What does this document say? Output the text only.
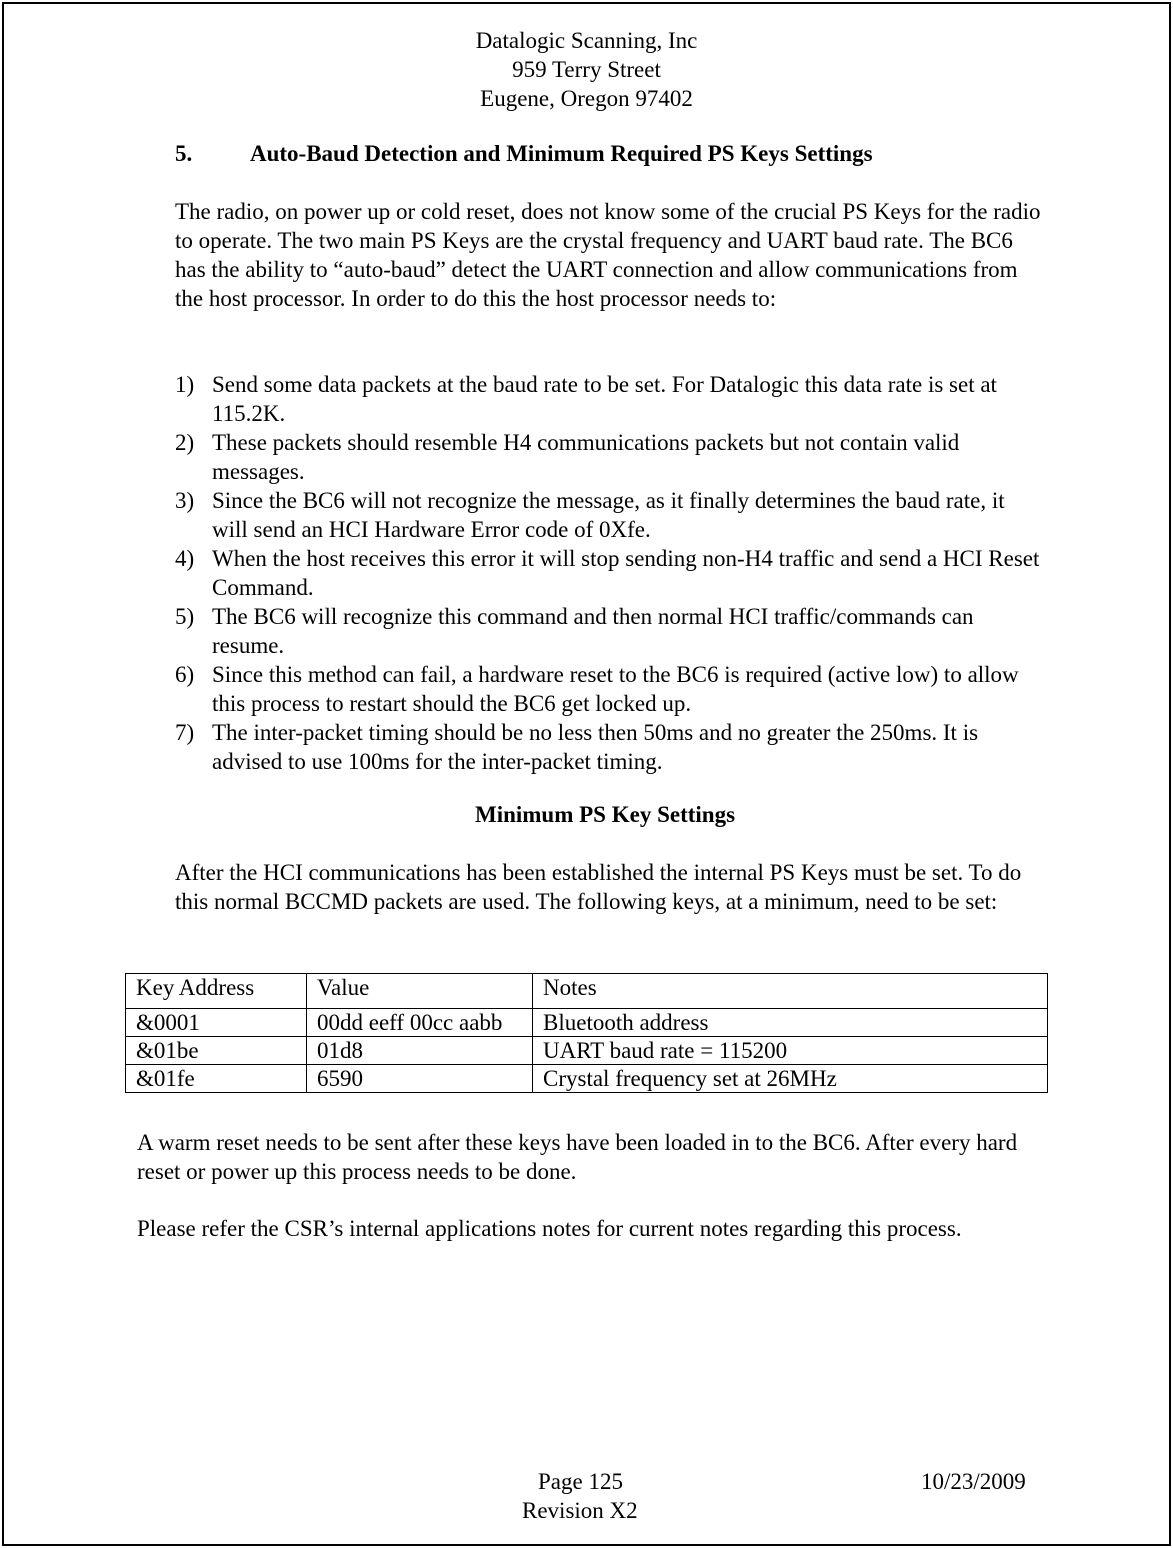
Datalogic Scanning, Inc
959 Terry Street
Eugene, Oregon 97402
5.	Auto-Baud Detection and Minimum Required PS Keys Settings
The radio, on power up or cold reset, does not know some of the crucial PS Keys for the radio to operate. The two main PS Keys are the crystal frequency and UART baud rate. The BC6 has the ability to “auto-baud” detect the UART connection and allow communications from the host processor. In order to do this the host processor needs to:
1) Send some data packets at the baud rate to be set. For Datalogic this data rate is set at 115.2K.
2) These packets should resemble H4 communications packets but not contain valid messages.
3) Since the BC6 will not recognize the message, as it finally determines the baud rate, it will send an HCI Hardware Error code of 0Xfe.
4) When the host receives this error it will stop sending non-H4 traffic and send a HCI Reset Command.
5) The BC6 will recognize this command and then normal HCI traffic/commands can resume.
6) Since this method can fail, a hardware reset to the BC6 is required (active low) to allow this process to restart should the BC6 get locked up.
7) The inter-packet timing should be no less then 50ms and no greater the 250ms. It is advised to use 100ms for the inter-packet timing.
Minimum PS Key Settings
After the HCI communications has been established the internal PS Keys must be set. To do this normal BCCMD packets are used. The following keys, at a minimum, need to be set:
Key Address	Value	Notes
&0001	00dd eeff 00cc aabb	Bluetooth address
&01be	01d8	UART baud rate = 115200
&01fe	6590	Crystal frequency set at 26MHz
A warm reset needs to be sent after these keys have been loaded in to the BC6. After every hard reset or power up this process needs to be done.
Please refer the CSR’s internal applications notes for current notes regarding this process.
Page 125	10/23/2009
Revision X2
